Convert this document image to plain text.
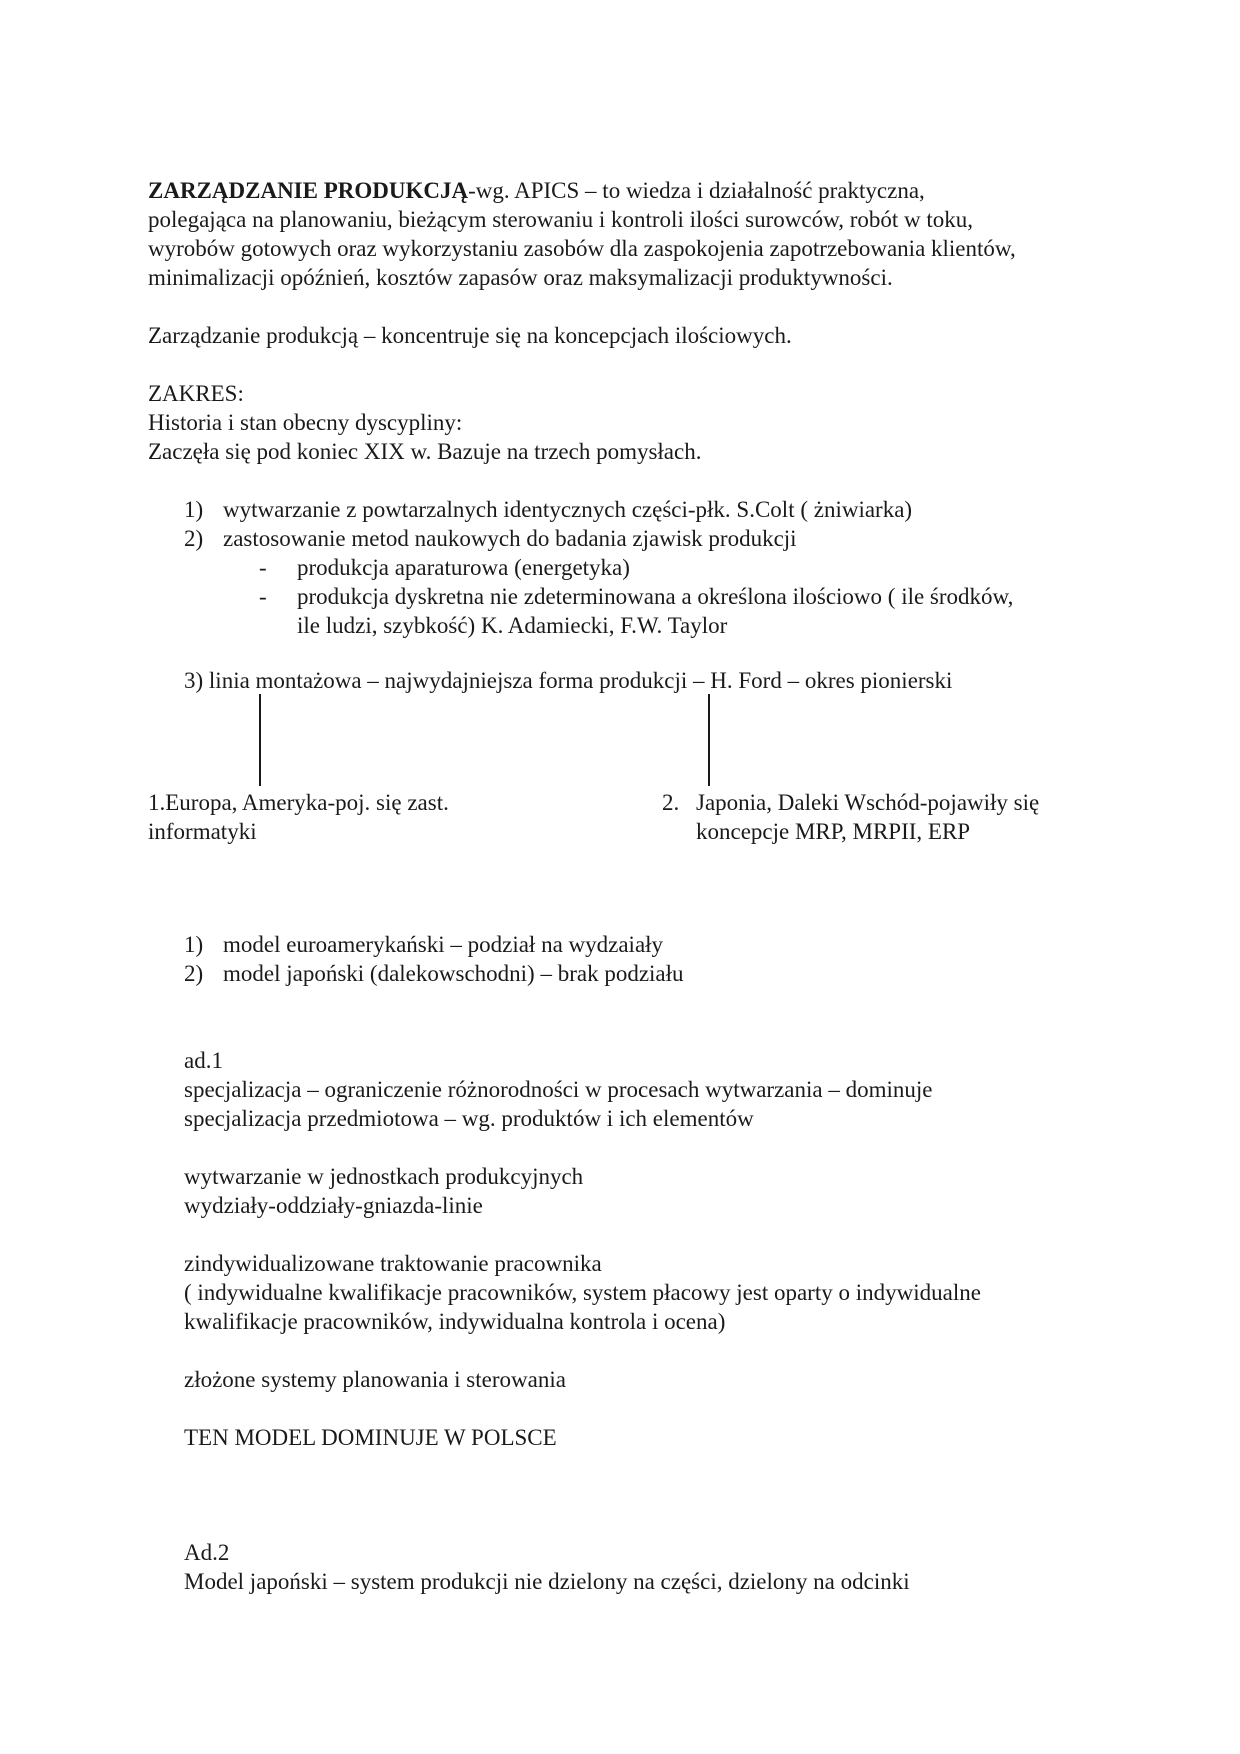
ZARZĄDZANIE PRODUKCJĄ-wg. APICS – to wiedza i działalność praktyczna,
polegająca na planowaniu, bieżącym sterowaniu i kontroli ilości surowców, robót w toku,
wyrobów gotowych oraz wykorzystaniu zasobów dla zaspokojenia zapotrzebowania klientów,
minimalizacji opóźnień, kosztów zapasów oraz maksymalizacji produktywności.
Zarządzanie produkcją – koncentruje się na koncepcjach ilościowych.
ZAKRES:
Historia i stan obecny dyscypliny:
Zaczęła się pod koniec XIX w. Bazuje na trzech pomysłach.
1) wytwarzanie z powtarzalnych identycznych części-płk. S.Colt ( żniwiarka)
2) zastosowanie metod naukowych do badania zjawisk produkcji
- produkcja aparaturowa (energetyka)
- produkcja dyskretna nie zdeterminowana a określona ilościowo ( ile środków,
ile ludzi, szybkość) K. Adamiecki, F.W. Taylor
3) linia montażowa – najwydajniejsza forma produkcji – H. Ford – okres pionierski
1.Europa, Ameryka-poj. się zast.
informatyki
2. Japonia, Daleki Wschód-pojawiły się
koncepcje MRP, MRPII, ERP
1) model euroamerykański – podział na wydzaiały
2) model japoński (dalekowschodni) – brak podziału
ad.1
specjalizacja – ograniczenie różnorodności w procesach wytwarzania – dominuje
specjalizacja przedmiotowa – wg. produktów i ich elementów
wytwarzanie w jednostkach produkcyjnych
wydziały-oddziały-gniazda-linie
zindywidualizowane traktowanie pracownika
( indywidualne kwalifikacje pracowników, system płacowy jest oparty o indywidualne
kwalifikacje pracowników, indywidualna kontrola i ocena)
złożone systemy planowania i sterowania
TEN MODEL DOMINUJE W POLSCE
Ad.2
Model japoński – system produkcji nie dzielony na części, dzielony na odcinki
